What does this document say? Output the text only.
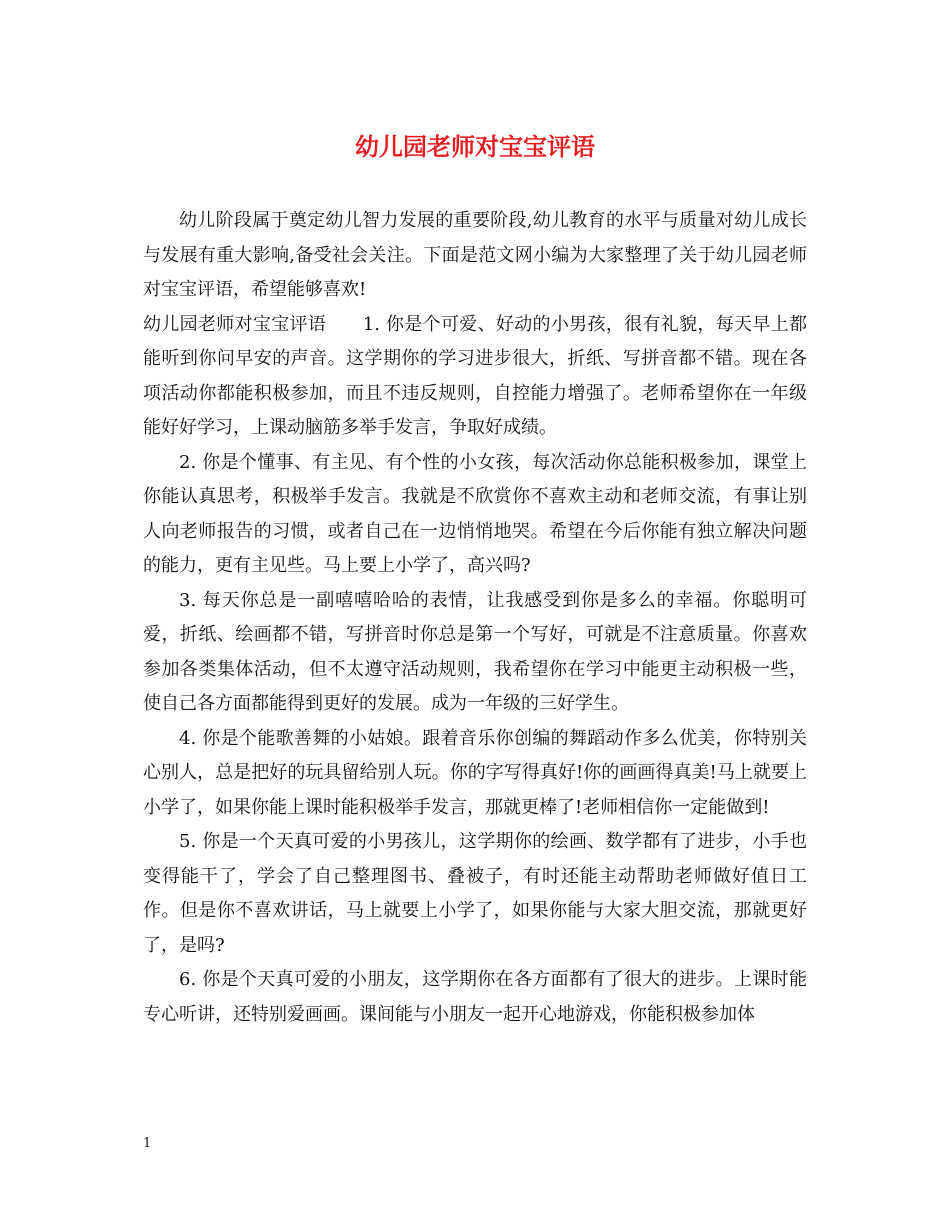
幼儿园老师对宝宝评语

幼儿阶段属于奠定幼儿智力发展的重要阶段,幼儿教育的水平与质量对幼儿成长与发展有重大影响,备受社会关注。下面是范文网小编为大家整理了关于幼儿园老师对宝宝评语，希望能够喜欢!

幼儿园老师对宝宝评语　　1. 你是个可爱、好动的小男孩，很有礼貌，每天早上都能听到你问早安的声音。这学期你的学习进步很大，折纸、写拼音都不错。现在各项活动你都能积极参加，而且不违反规则，自控能力增强了。老师希望你在一年级能好好学习，上课动脑筋多举手发言，争取好成绩。

2. 你是个懂事、有主见、有个性的小女孩，每次活动你总能积极参加，课堂上你能认真思考，积极举手发言。我就是不欣赏你不喜欢主动和老师交流，有事让别人向老师报告的习惯，或者自己在一边悄悄地哭。希望在今后你能有独立解决问题的能力，更有主见些。马上要上小学了，高兴吗?

3. 每天你总是一副嘻嘻哈哈的表情，让我感受到你是多么的幸福。你聪明可爱，折纸、绘画都不错，写拼音时你总是第一个写好，可就是不注意质量。你喜欢参加各类集体活动，但不太遵守活动规则，我希望你在学习中能更主动积极一些，使自己各方面都能得到更好的发展。成为一年级的三好学生。

4. 你是个能歌善舞的小姑娘。跟着音乐你创编的舞蹈动作多么优美，你特别关心别人，总是把好的玩具留给别人玩。你的字写得真好!你的画画得真美!马上就要上小学了，如果你能上课时能积极举手发言，那就更棒了!老师相信你一定能做到!

5. 你是一个天真可爱的小男孩儿，这学期你的绘画、数学都有了进步，小手也变得能干了，学会了自己整理图书、叠被子，有时还能主动帮助老师做好值日工作。但是你不喜欢讲话，马上就要上小学了，如果你能与大家大胆交流，那就更好了，是吗?

6. 你是个天真可爱的小朋友，这学期你在各方面都有了很大的进步。上课时能专心听讲，还特别爱画画。课间能与小朋友一起开心地游戏，你能积极参加体

1
